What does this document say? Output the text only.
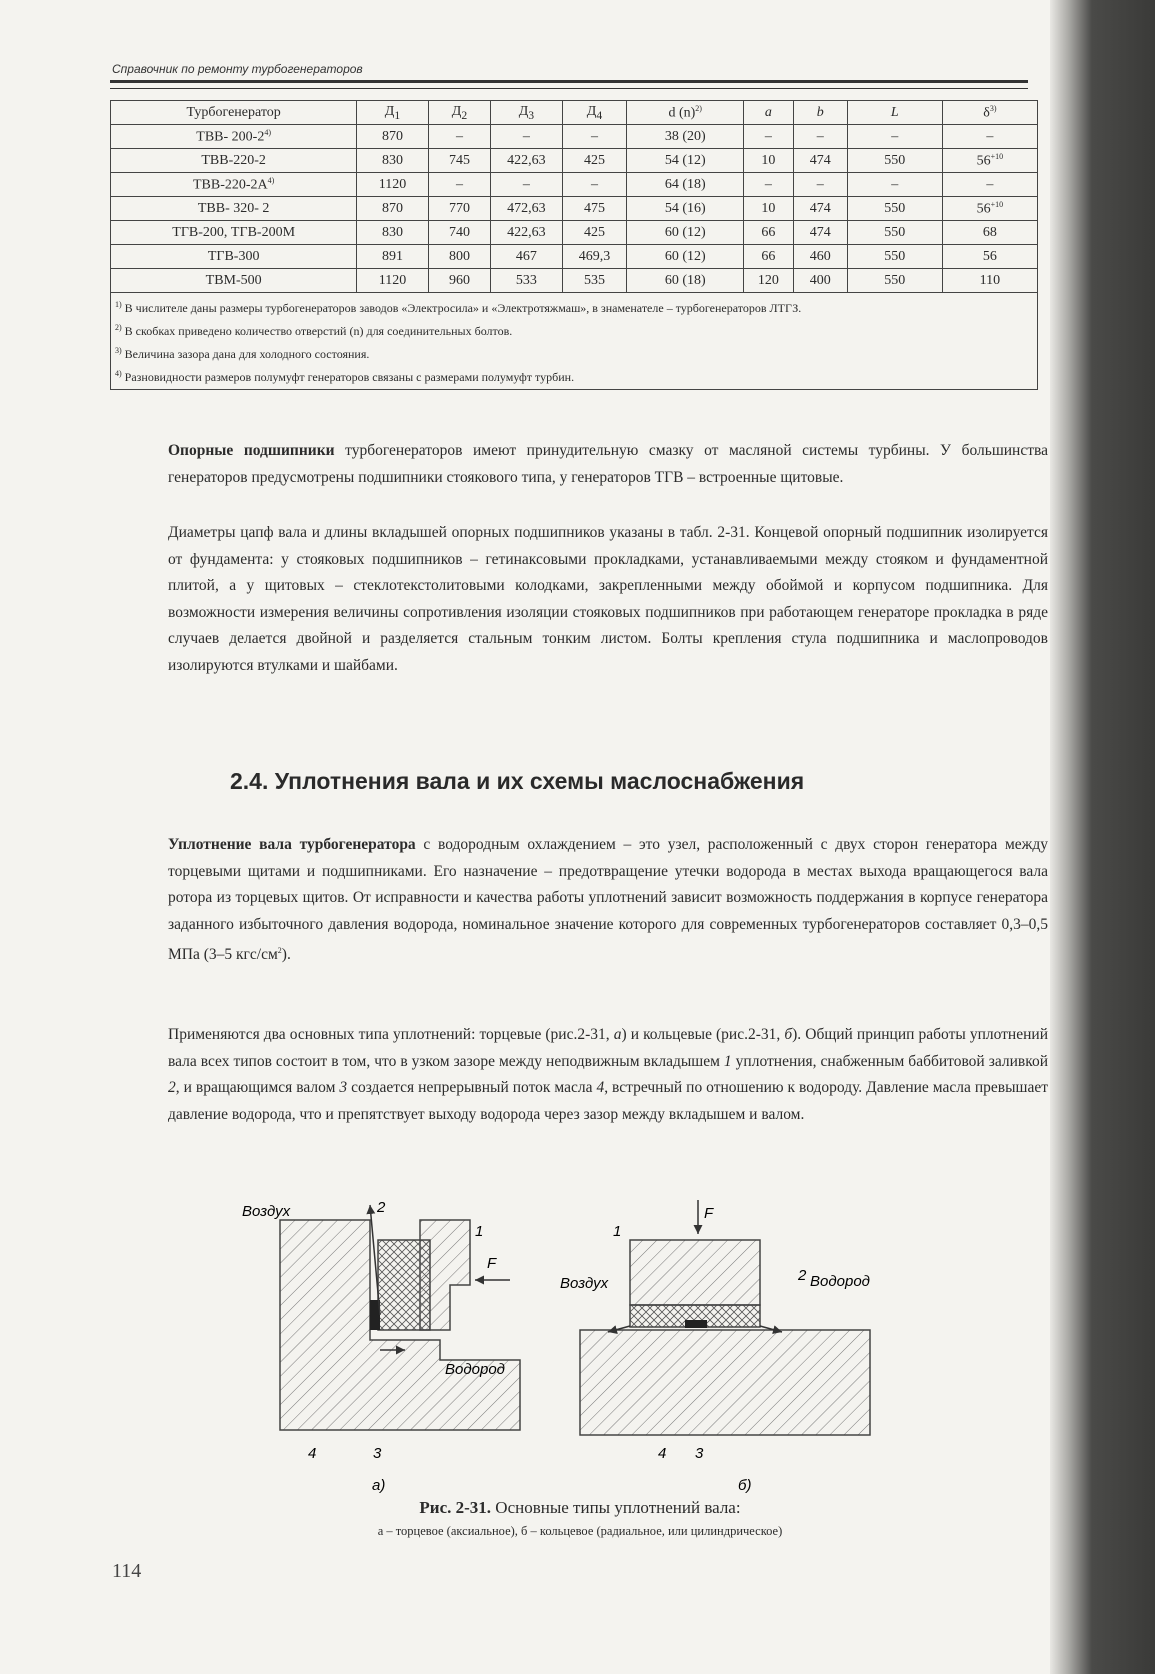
Справочник по ремонту турбогенераторов
Турбогенератор	$Д_1$	$Д_2$	$Д_3$	$Д_4$	d $(n)^{2)}$	a	b	L	$\delta^{3)}$
ТВВ- 200-2$^{4)}$	870	–	–	–	38 (20)	–	–	–	–
ТВВ-220-2	830	745	422,63	425	54 (12)	10	474	550	$56^{+10}$
ТВВ-$220-2А^{4)}$	1120	–	–	–	64 (18)	–	–	–	–
ТВВ- 320- 2	870	770	472,63	475	54 (16)	10	474	550	$56^{+10}$
ТГВ-200, ТГВ-200М	830	740	422,63	425	60 (12)	66	474	550	68
ТГВ-300	891	800	467	469,3	60 (12)	66	460	550	56
ТВМ-500	1120	960	533	535	60 (18)	120	400	550	110

$^{1)}$ В числителе даны размеры турбогенераторов заводов «Электросила» и «Электротяжмаш», в знаменателе – турбогенераторов ЛТГЗ.
$^{2)}$ В скобках приведено количество отверстий (n) для соединительных болтов.
$^{3)}$ Величина зазора дана для холодного состояния.
$^{4)}$ Разновидности размеров полумуфт генераторов связаны с размерами полумуфт турбин.									

Опорные подшипники турбогенераторов имеют принудительную смазку от масляной системы турбины. У большинства генераторов предусмотрены подшипники стоякового типа, у генераторов ТГВ – встроенные щитовые.

Диаметры цапф вала и длины вкладышей опорных подшипников указаны в табл. 2-31. Концевой опорный подшипник изолируется от фундамента: у стояковых подшипников – гетинаксовыми прокладками, устанавливаемыми между стояком и фундаментной плитой, а у щитовых – стеклотекстолитовыми колодками, закрепленными между обоймой и корпусом подшипника. Для возможности измерения величины сопротивления изоляции стояковых подшипников при работающем генераторе прокладка в ряде случаев делается двойной и разделяется стальным тонким листом. Болты крепления стула подшипника и маслопроводов изолируются втулками и шайбами.

2.4. Уплотнения вала и их схемы маслоснабжения

Уплотнение вала турбогенератора с водородным охлаждением – это узел, расположенный с двух сторон генератора между торцевыми щитами и подшипниками. Его назначение – предотвращение утечки водорода в местах выхода вращающегося вала ротора из торцевых щитов. От исправности и качества работы уплотнений зависит возможность поддержания в корпусе генератора заданного избыточного давления водорода, номинальное значение которого для современных турбогенераторов составляет 0,3–0,5 МПа (3–5 кгс/$см^2$).

Применяются два основных типа уплотнений: торцевые (рис.2-31, а) и кольцевые (рис.2-31, б). Общий принцип работы уплотнений вала всех типов состоит в том, что в узком зазоре между неподвижным вкладышем 1 уплотнения, снабженным баббитовой заливкой 2, и вращающимся валом 3 создается непрерывный поток масла 4, встречный по отношению к водороду. Давление масла превышает давление водорода, что и препятствует выходу водорода через зазор между вкладышем и валом.

Воздух	2
1
F
Водород
4	3
а)
F
1
2
Воздух	Водород
4 3
б)
Рис. 2-31. Основные типы уплотнений вала:
а – торцевое (аксиальное), б – кольцевое (радиальное, или цилиндрическое)
114
